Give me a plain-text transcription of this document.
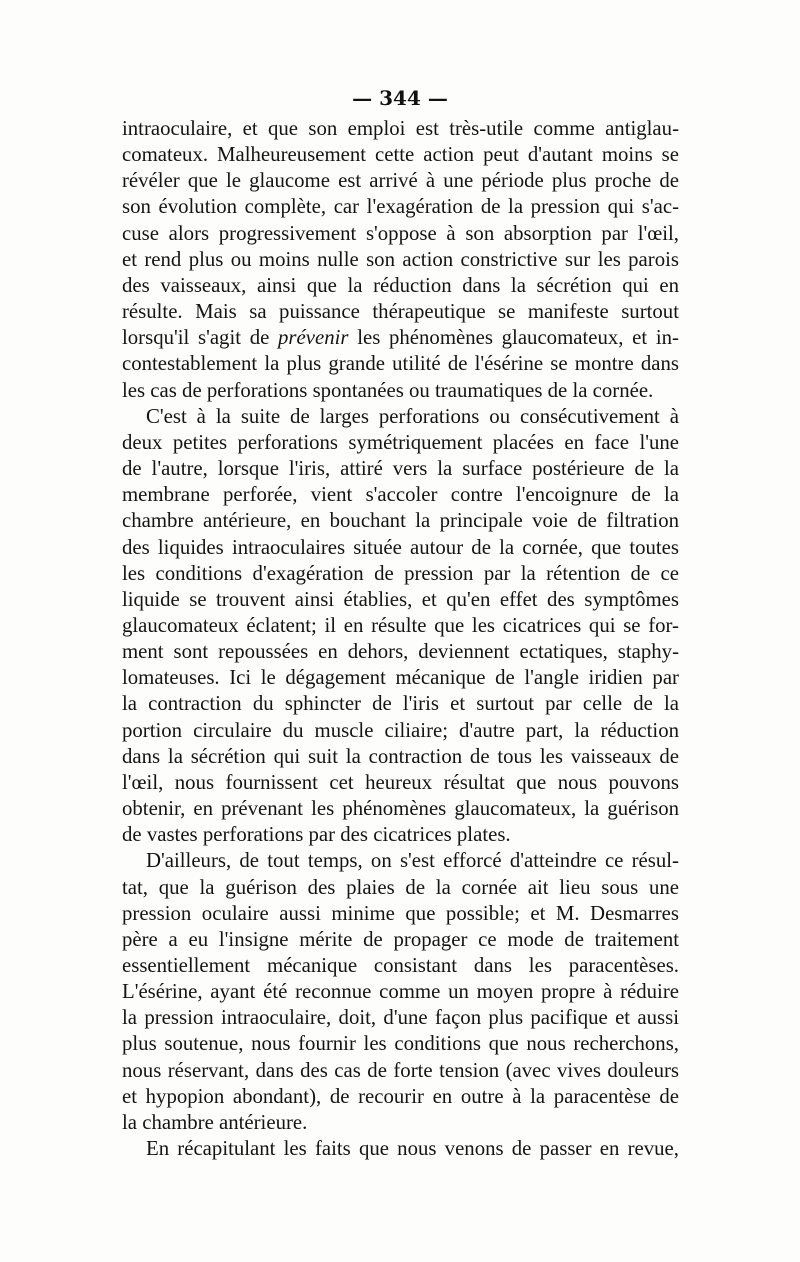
— 344 —

intraoculaire, et que son emploi est très-utile comme antiglau-
comateux. Malheureusement cette action peut d'autant moins se
révéler que le glaucome est arrivé à une période plus proche de
son évolution complète, car l'exagération de la pression qui s'ac-
cuse alors progressivement s'oppose à son absorption par l'œil,
et rend plus ou moins nulle son action constrictive sur les parois
des vaisseaux, ainsi que la réduction dans la sécrétion qui en
résulte. Mais sa puissance thérapeutique se manifeste surtout
lorsqu'il s'agit de prévenir les phénomènes glaucomateux, et in-
contestablement la plus grande utilité de l'ésérine se montre dans
les cas de perforations spontanées ou traumatiques de la cornée.

C'est à la suite de larges perforations ou consécutivement à
deux petites perforations symétriquement placées en face l'une
de l'autre, lorsque l'iris, attiré vers la surface postérieure de la
membrane perforée, vient s'accoler contre l'encoignure de la
chambre antérieure, en bouchant la principale voie de filtration
des liquides intraoculaires située autour de la cornée, que toutes
les conditions d'exagération de pression par la rétention de ce
liquide se trouvent ainsi établies, et qu'en effet des symptômes
glaucomateux éclatent; il en résulte que les cicatrices qui se for-
ment sont repoussées en dehors, deviennent ectatiques, staphy-
lomateuses. Ici le dégagement mécanique de l'angle iridien par
la contraction du sphincter de l'iris et surtout par celle de la
portion circulaire du muscle ciliaire; d'autre part, la réduction
dans la sécrétion qui suit la contraction de tous les vaisseaux de
l'œil, nous fournissent cet heureux résultat que nous pouvons
obtenir, en prévenant les phénomènes glaucomateux, la guérison
de vastes perforations par des cicatrices plates.

D'ailleurs, de tout temps, on s'est efforcé d'atteindre ce résul-
tat, que la guérison des plaies de la cornée ait lieu sous une
pression oculaire aussi minime que possible; et M. Desmarres
père a eu l'insigne mérite de propager ce mode de traitement
essentiellement mécanique consistant dans les paracentèses.
L'ésérine, ayant été reconnue comme un moyen propre à réduire
la pression intraoculaire, doit, d'une façon plus pacifique et aussi
plus soutenue, nous fournir les conditions que nous recherchons,
nous réservant, dans des cas de forte tension (avec vives douleurs
et hypopion abondant), de recourir en outre à la paracentèse de
la chambre antérieure.

En récapitulant les faits que nous venons de passer en revue,
